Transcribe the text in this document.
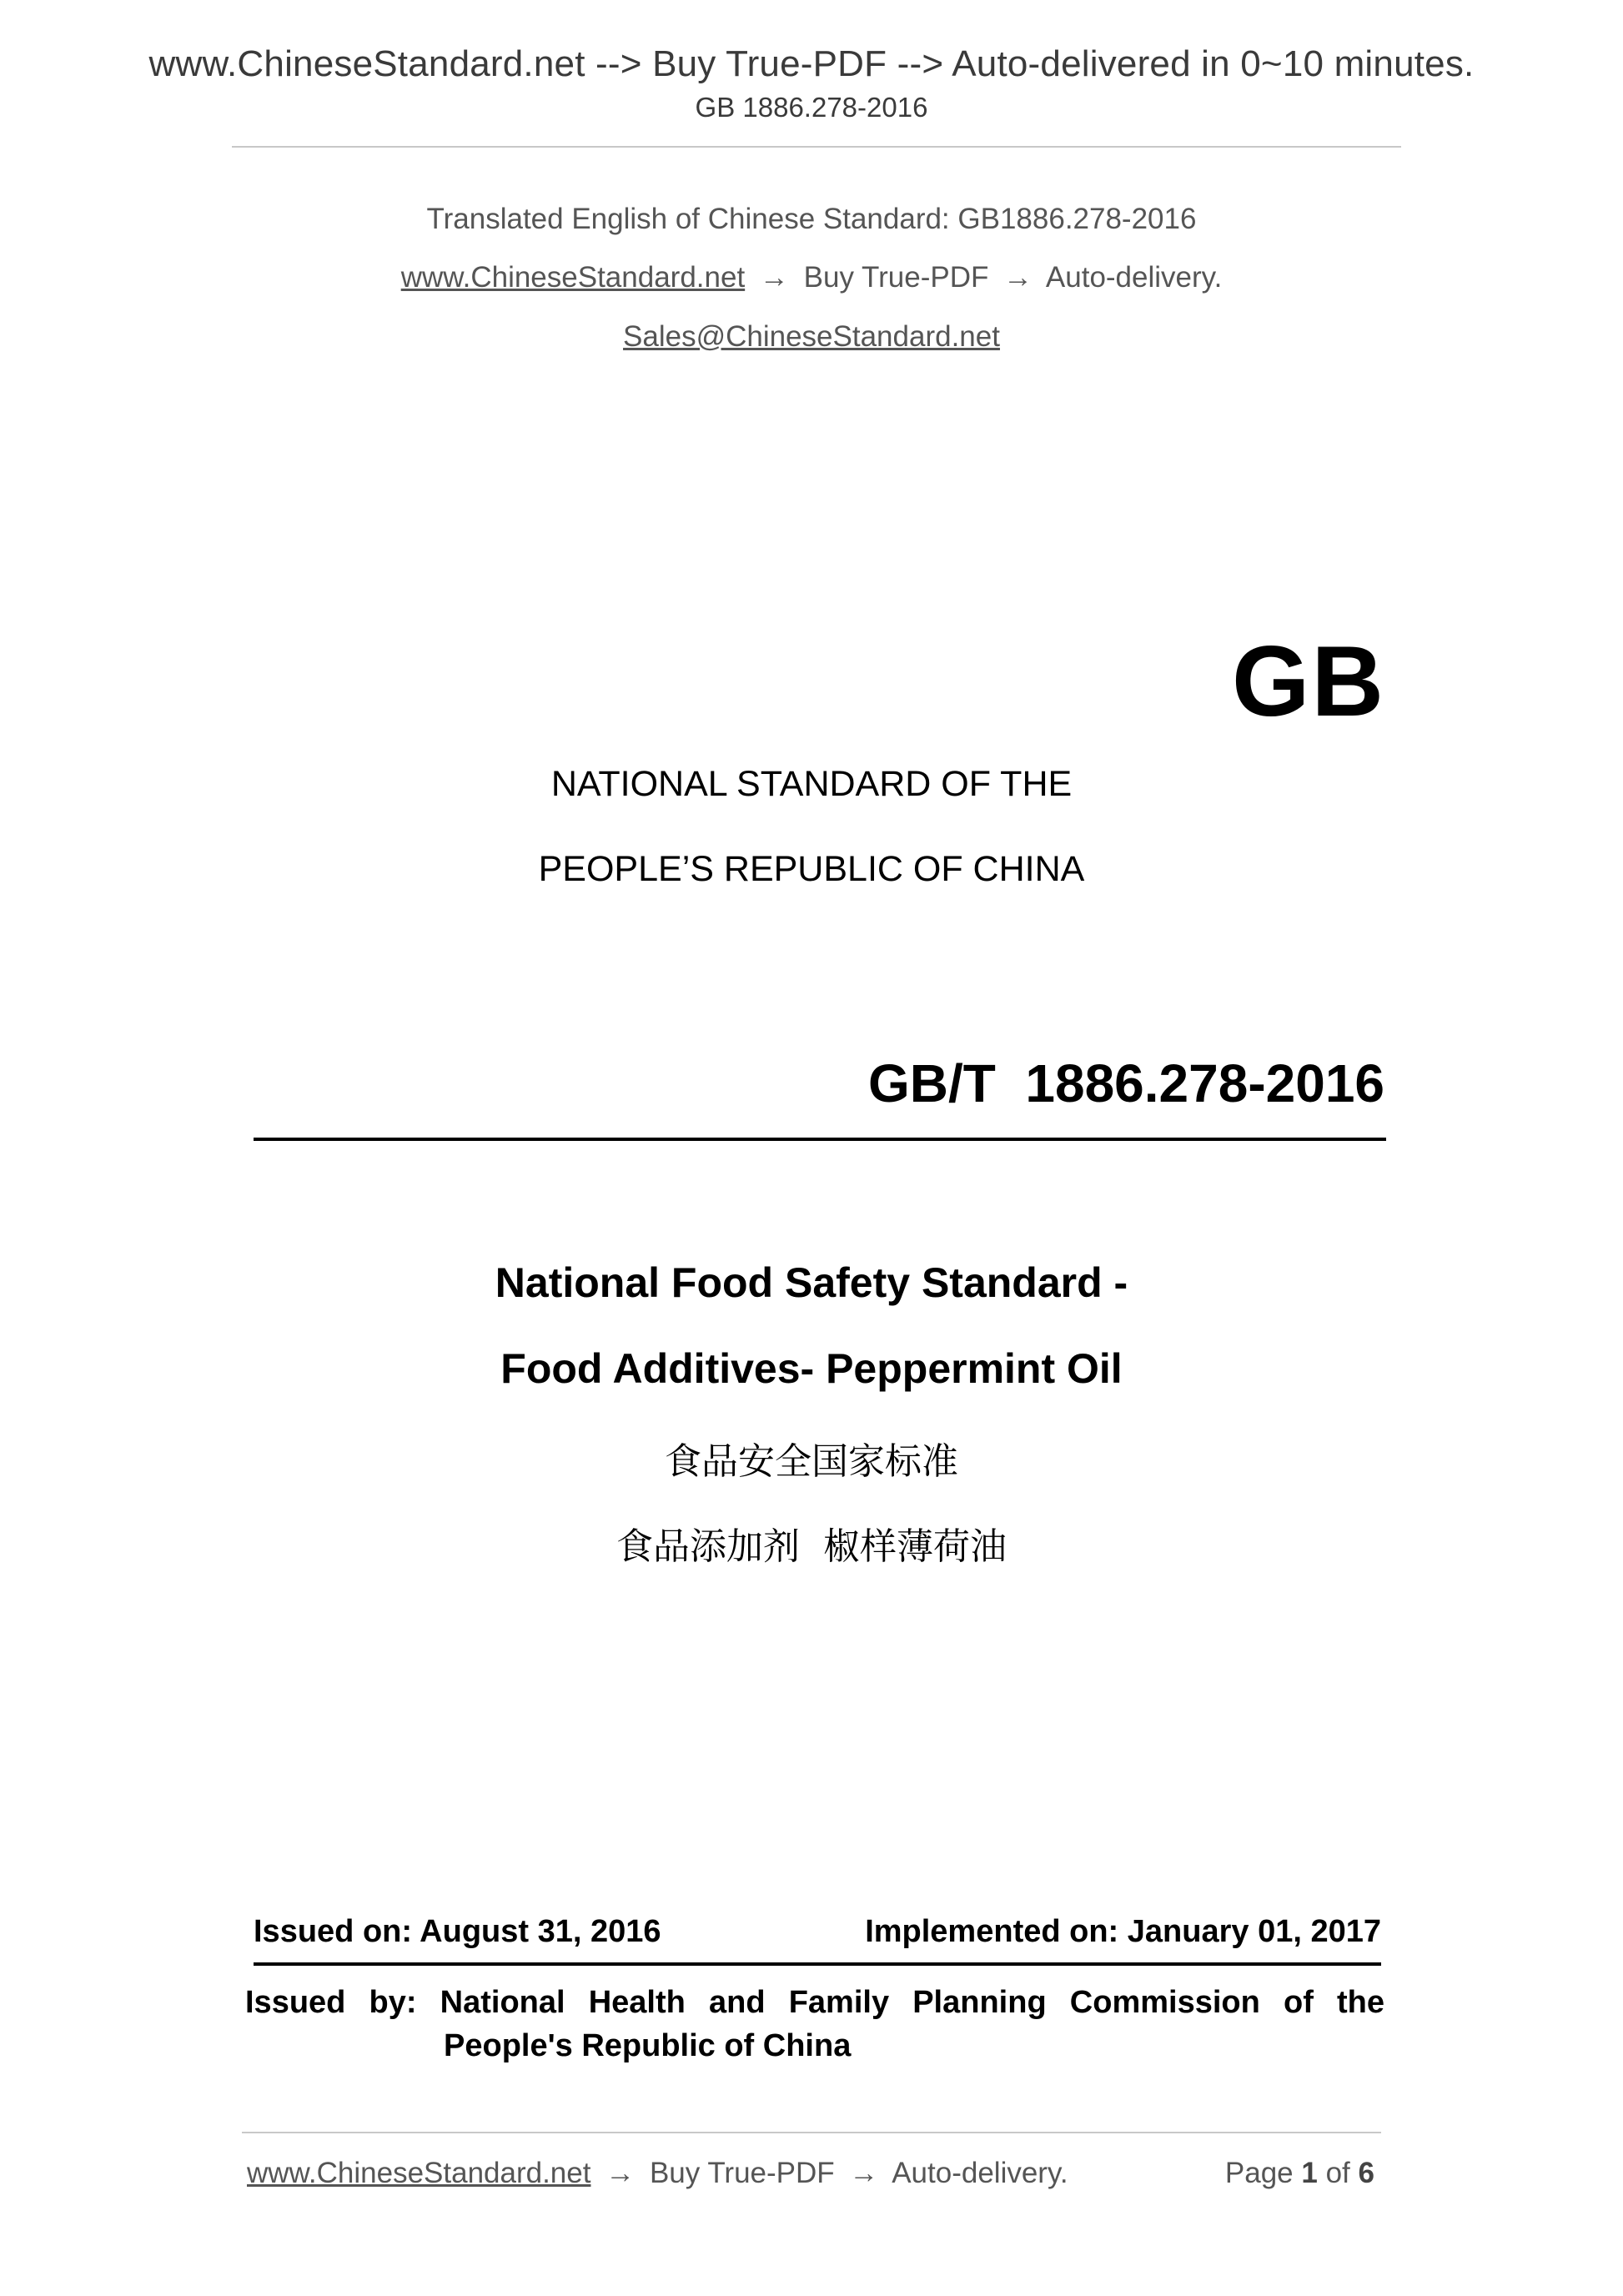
www.ChineseStandard.net --> Buy True-PDF --> Auto-delivered in 0~10 minutes.
GB 1886.278-2016
Translated English of Chinese Standard: GB1886.278-2016
www.ChineseStandard.net → Buy True-PDF → Auto-delivery.
Sales@ChineseStandard.net
GB
NATIONAL STANDARD OF THE
PEOPLE’S REPUBLIC OF CHINA
GB/T  1886.278-2016
National Food Safety Standard -
Food Additives- Peppermint Oil
食品安全国家标准
食品添加剂  椒样薄荷油
Issued on: August 31, 2016	Implemented on: January 01, 2017
Issued by: National Health and Family Planning Commission of the
People's Republic of China
www.ChineseStandard.net → Buy True-PDF → Auto-delivery.	Page 1 of 6
